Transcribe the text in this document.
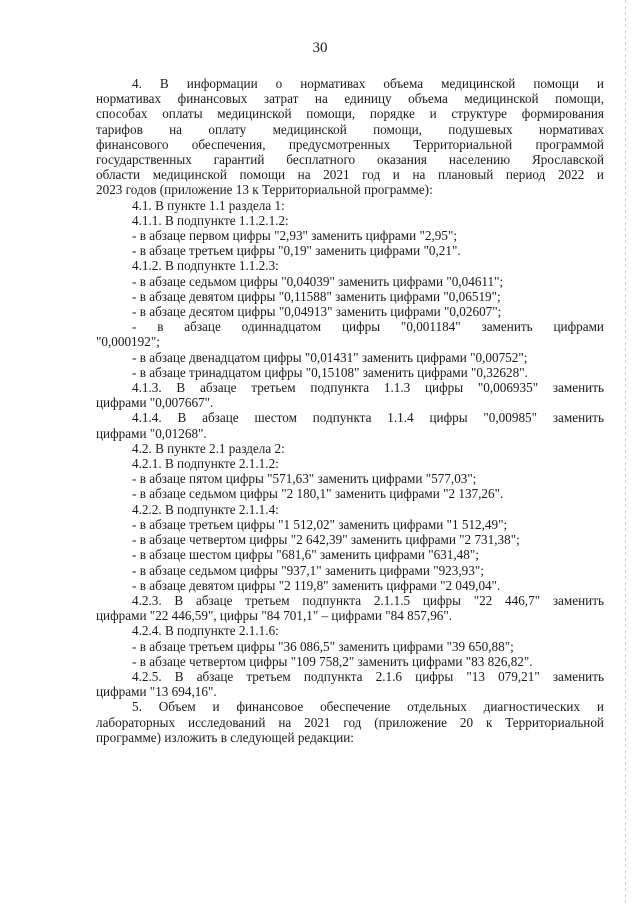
30

4. В информации о нормативах объема медицинской помощи и

нормативах финансовых затрат на единицу объема медицинской помощи,

способах оплаты медицинской помощи, порядке и структуре формирования

тарифов на оплату медицинской помощи, подушевых нормативах

финансового обеспечения, предусмотренных Территориальной программой

государственных гарантий бесплатного оказания населению Ярославской

области медицинской помощи на 2021 год и на плановый период 2022 и

2023 годов (приложение 13 к Территориальной программе):

4.1. В пункте 1.1 раздела 1:

4.1.1. В подпункте 1.1.2.1.2:

- в абзаце первом цифры "2,93" заменить цифрами "2,95";

- в абзаце третьем цифры "0,19" заменить цифрами "0,21".

4.1.2. В подпункте 1.1.2.3:

- в абзаце седьмом цифры "0,04039" заменить цифрами "0,04611";

- в абзаце девятом цифры "0,11588" заменить цифрами "0,06519";

- в абзаце десятом цифры "0,04913" заменить цифрами "0,02607";

- в абзаце одиннадцатом цифры "0,001184" заменить цифрами

"0,000192";

- в абзаце двенадцатом цифры "0,01431" заменить цифрами "0,00752";

- в абзаце тринадцатом цифры "0,15108" заменить цифрами "0,32628".

4.1.3. В абзаце третьем подпункта 1.1.3 цифры "0,006935" заменить

цифрами "0,007667".

4.1.4. В абзаце шестом подпункта 1.1.4 цифры "0,00985" заменить

цифрами "0,01268".

4.2. В пункте 2.1 раздела 2:

4.2.1. В подпункте 2.1.1.2:

- в абзаце пятом цифры "571,63" заменить цифрами "577,03";

- в абзаце седьмом цифры "2 180,1" заменить цифрами "2 137,26".

4.2.2. В подпункте 2.1.1.4:

- в абзаце третьем цифры "1 512,02" заменить цифрами "1 512,49";

- в абзаце четвертом цифры "2 642,39" заменить цифрами "2 731,38";

- в абзаце шестом цифры "681,6" заменить цифрами "631,48";

- в абзаце седьмом цифры "937,1" заменить цифрами "923,93";

- в абзаце девятом цифры "2 119,8" заменить цифрами "2 049,04".

4.2.3. В абзаце третьем подпункта 2.1.1.5 цифры "22 446,7" заменить

цифрами "22 446,59", цифры "84 701,1" – цифрами "84 857,96".

4.2.4. В подпункте 2.1.1.6:

- в абзаце третьем цифры "36 086,5" заменить цифрами "39 650,88";

- в абзаце четвертом цифры "109 758,2" заменить цифрами "83 826,82".

4.2.5. В абзаце третьем подпункта 2.1.6 цифры "13 079,21" заменить

цифрами "13 694,16".

5. Объем и финансовое обеспечение отдельных диагностических и

лабораторных исследований на 2021 год (приложение 20 к Территориальной

программе) изложить в следующей редакции:
